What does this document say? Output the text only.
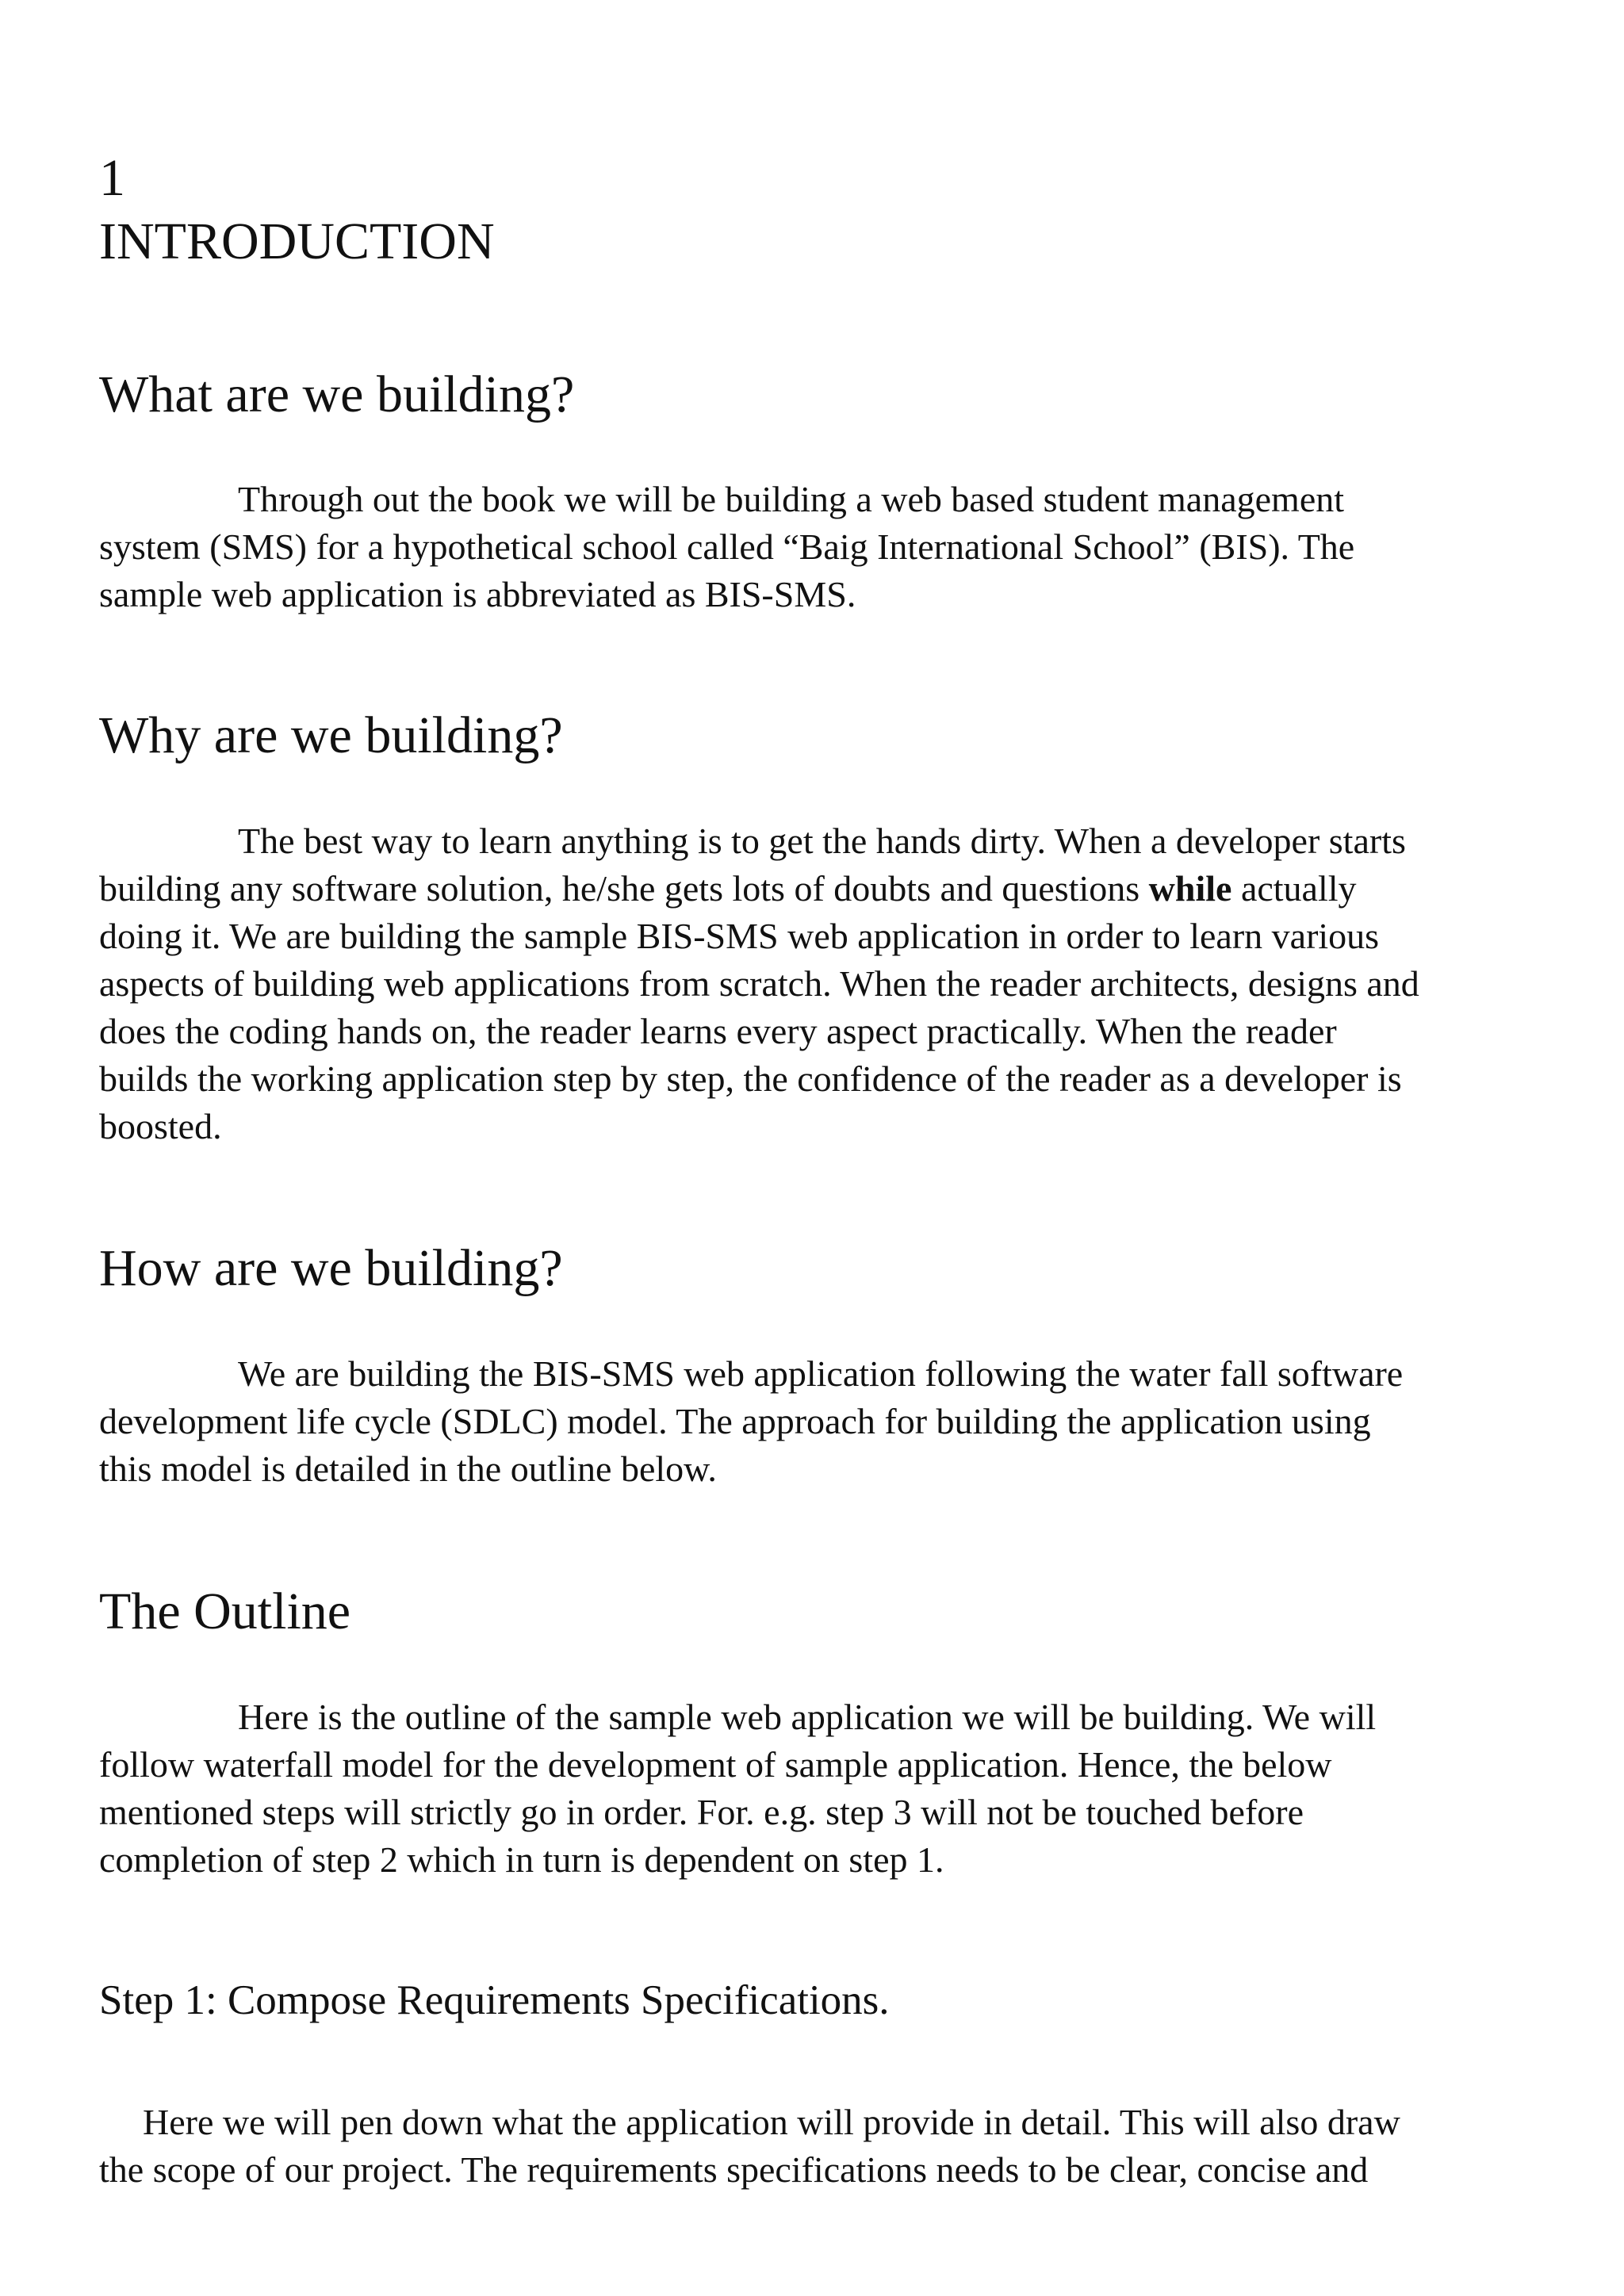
1
INTRODUCTION
What are we building?
Through out the book we will be building a web based student management
system (SMS) for a hypothetical school called “Baig International School” (BIS). The
sample web application is abbreviated as BIS-SMS.
Why are we building?
The best way to learn anything is to get the hands dirty. When a developer starts
building any software solution, he/she gets lots of doubts and questions while actually
doing it. We are building the sample BIS-SMS web application in order to learn various
aspects of building web applications from scratch. When the reader architects, designs and
does the coding hands on, the reader learns every aspect practically. When the reader
builds the working application step by step, the confidence of the reader as a developer is
boosted.
How are we building?
We are building the BIS-SMS web application following the water fall software
development life cycle (SDLC) model. The approach for building the application using
this model is detailed in the outline below.
The Outline
Here is the outline of the sample web application we will be building. We will
follow waterfall model for the development of sample application. Hence, the below
mentioned steps will strictly go in order. For. e.g. step 3 will not be touched before
completion of step 2 which in turn is dependent on step 1.
Step 1: Compose Requirements Specifications.
Here we will pen down what the application will provide in detail. This will also draw
the scope of our project. The requirements specifications needs to be clear, concise and
